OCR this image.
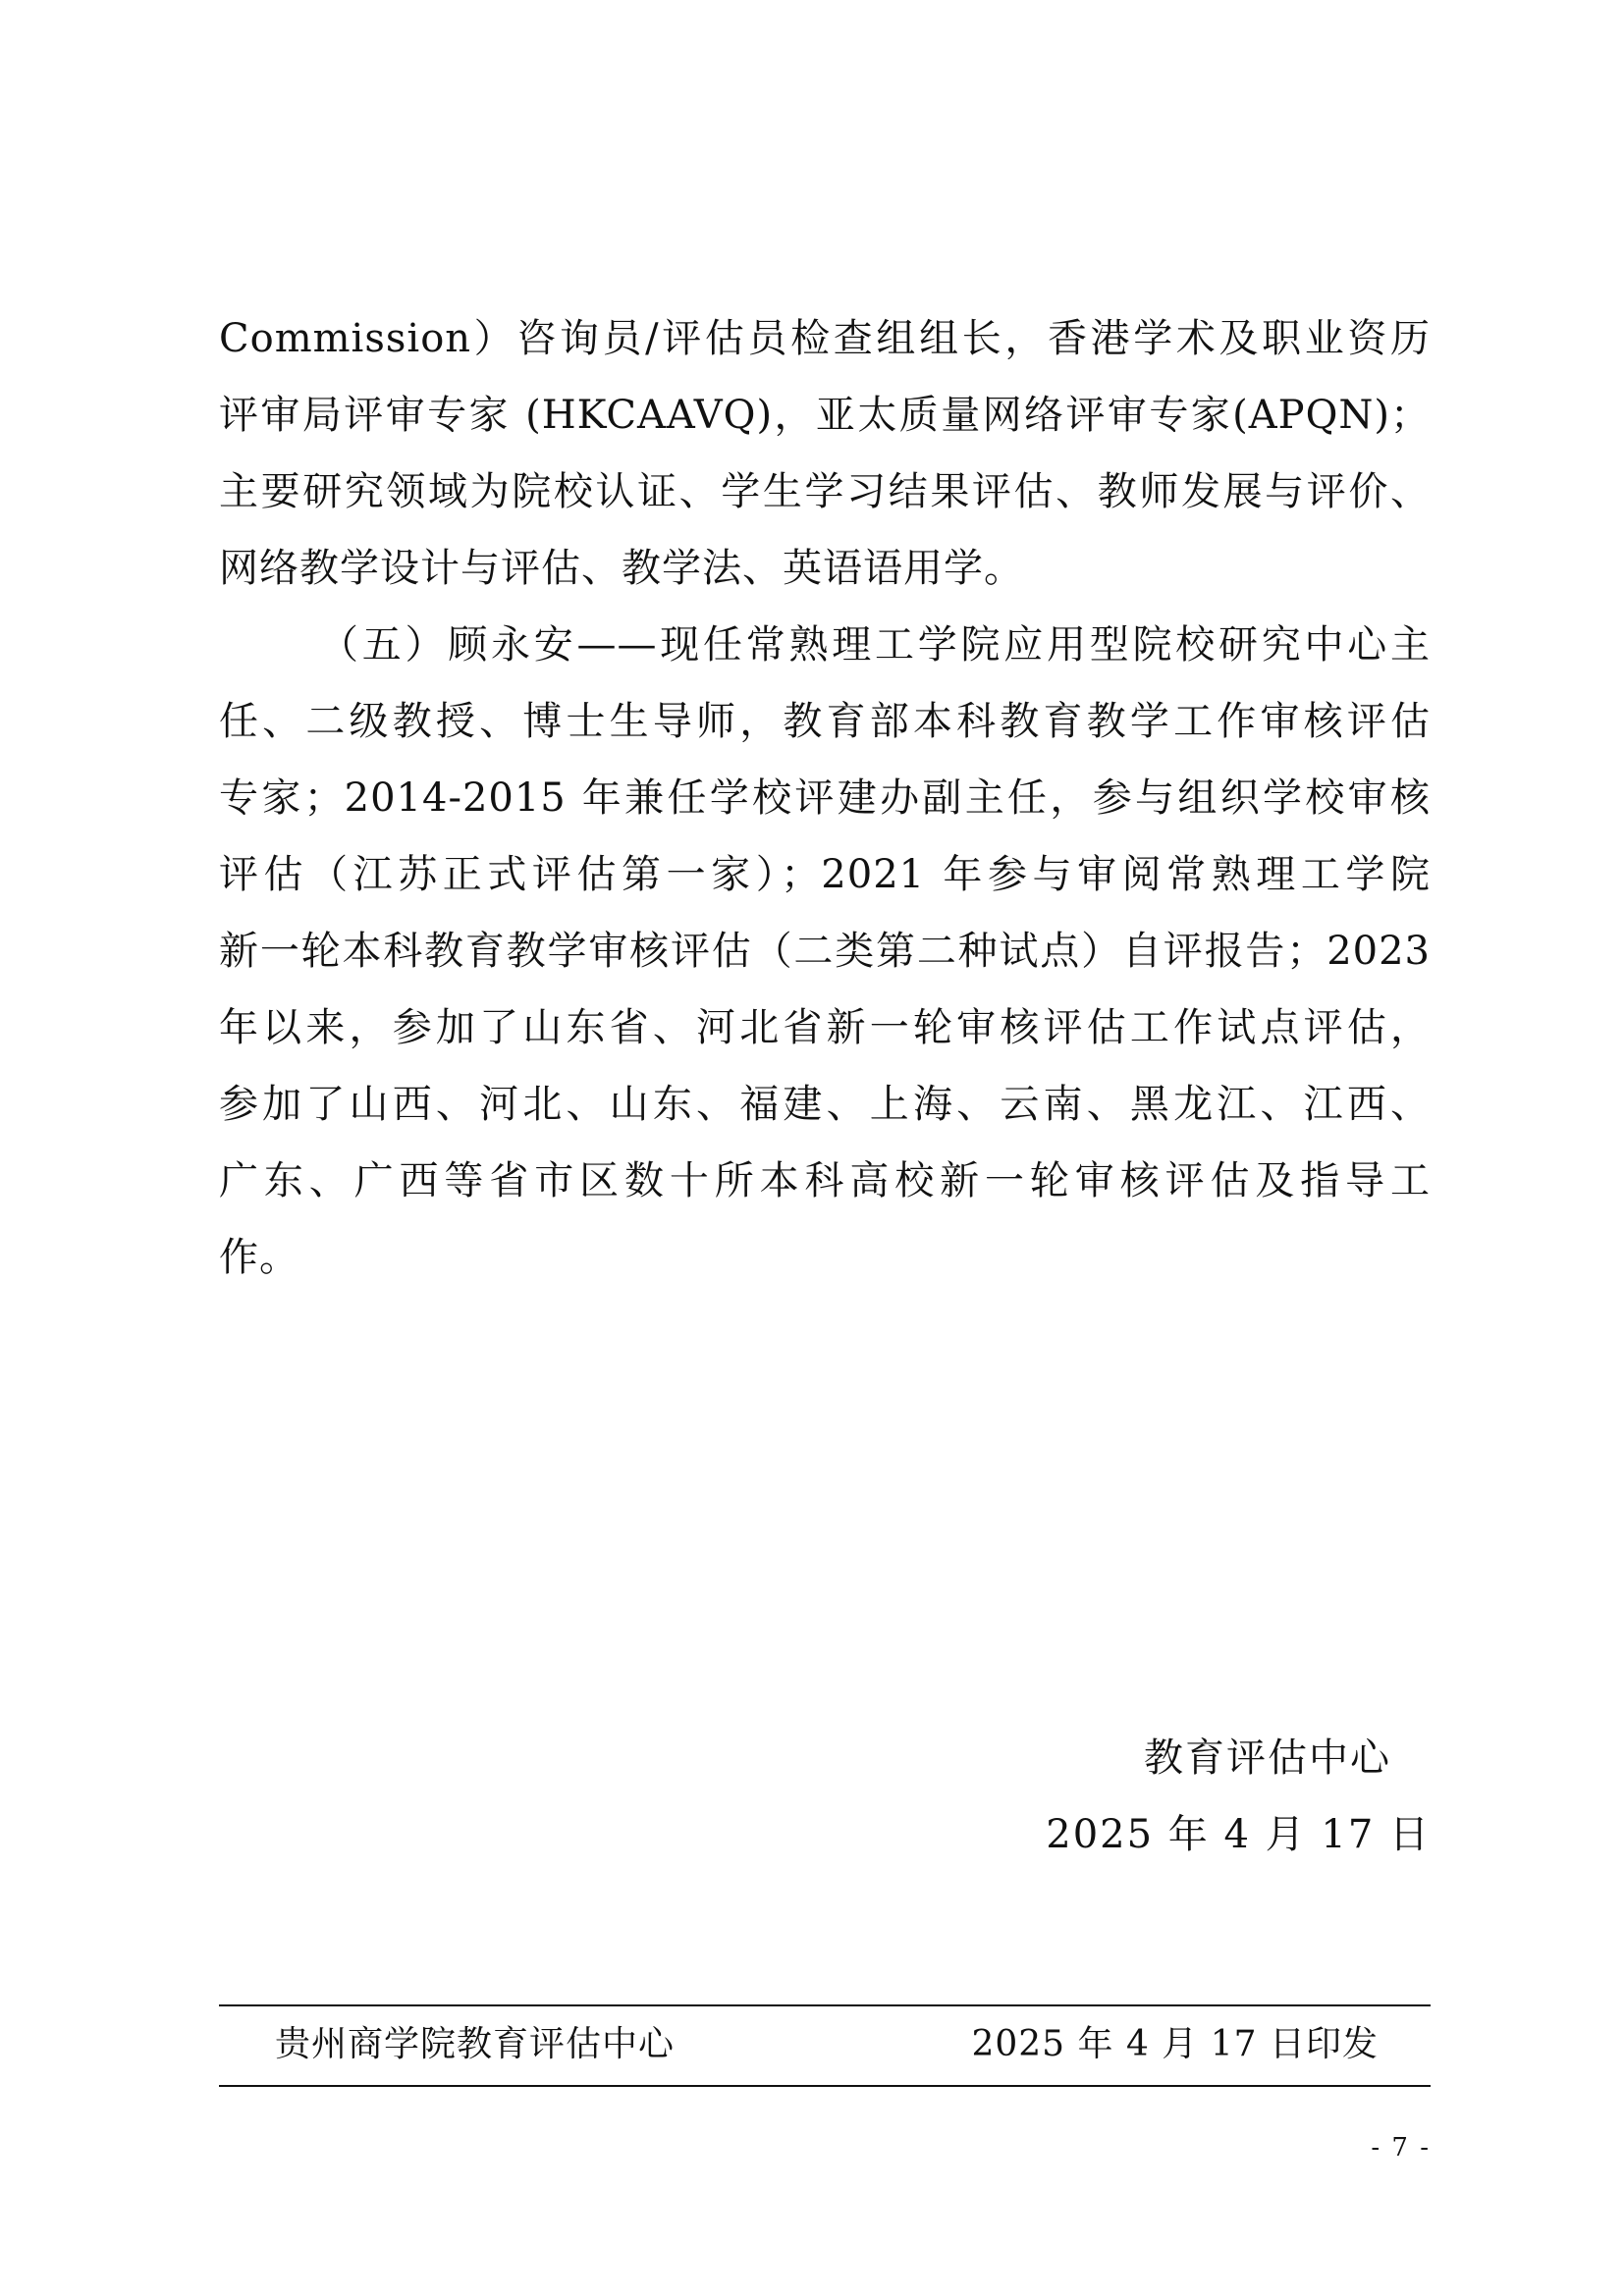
Commission）咨询员/评估员检查组组长，香港学术及职业资历
评审局评审专家 (HKCAAVQ)，亚太质量网络评审专家(APQN)；
主要研究领域为院校认证、学生学习结果评估、教师发展与评价、
网络教学设计与评估、教学法、英语语用学。
（五）顾永安——现任常熟理工学院应用型院校研究中心主
任、二级教授、博士生导师，教育部本科教育教学工作审核评估
专家；2014-2015 年兼任学校评建办副主任，参与组织学校审核
评估（江苏正式评估第一家）；2021 年参与审阅常熟理工学院
新一轮本科教育教学审核评估（二类第二种试点）自评报告；2023
年以来，参加了山东省、河北省新一轮审核评估工作试点评估，
参加了山西、河北、山东、福建、上海、云南、黑龙江、江西、
广东、广西等省市区数十所本科高校新一轮审核评估及指导工
作。
教育评估中心
2025 年 4 月 17 日
贵州商学院教育评估中心	2025 年 4 月 17 日印发
- 7 -
